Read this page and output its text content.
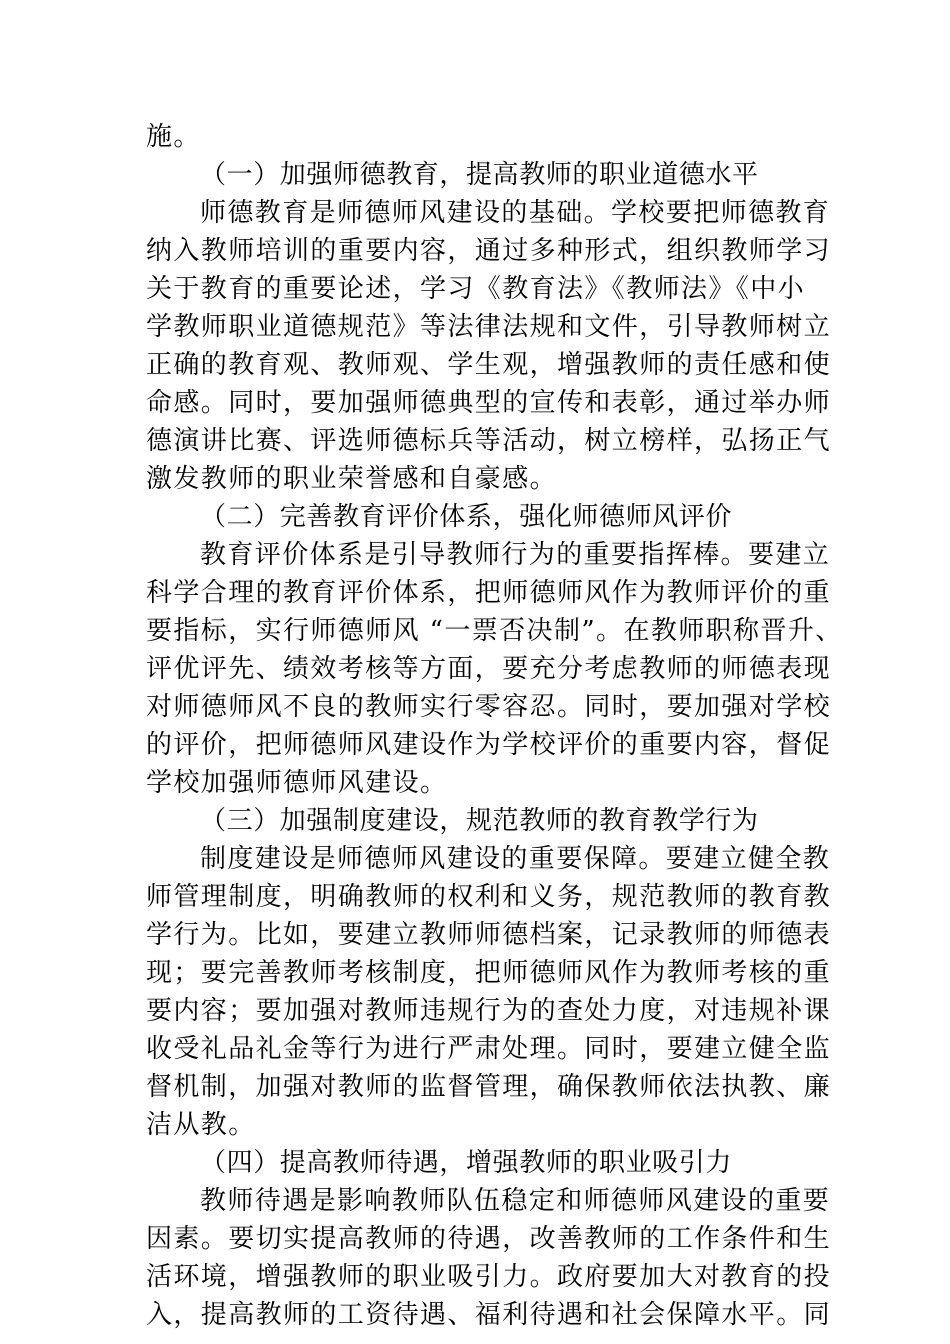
施。
（一）加强师德教育，提高教师的职业道德水平
师德教育是师德师风建设的基础。学校要把师德教育
纳入教师培训的重要内容，通过多种形式，组织教师学习
关于教育的重要论述，学习《教育法》《教师法》《中小
学教师职业道德规范》等法律法规和文件，引导教师树立
正确的教育观、教师观、学生观，增强教师的责任感和使
命感。同时，要加强师德典型的宣传和表彰，通过举办师
德演讲比赛、评选师德标兵等活动，树立榜样，弘扬正气
激发教师的职业荣誉感和自豪感。
（二）完善教育评价体系，强化师德师风评价
教育评价体系是引导教师行为的重要指挥棒。要建立
科学合理的教育评价体系，把师德师风作为教师评价的重
要指标，实行师德师风 “一票否决制”。在教师职称晋升、
评优评先、绩效考核等方面，要充分考虑教师的师德表现
对师德师风不良的教师实行零容忍。同时，要加强对学校
的评价，把师德师风建设作为学校评价的重要内容，督促
学校加强师德师风建设。
（三）加强制度建设，规范教师的教育教学行为
制度建设是师德师风建设的重要保障。要建立健全教
师管理制度，明确教师的权利和义务，规范教师的教育教
学行为。比如，要建立教师师德档案，记录教师的师德表
现；要完善教师考核制度，把师德师风作为教师考核的重
要内容；要加强对教师违规行为的查处力度，对违规补课
收受礼品礼金等行为进行严肃处理。同时，要建立健全监
督机制，加强对教师的监督管理，确保教师依法执教、廉
洁从教。
（四）提高教师待遇，增强教师的职业吸引力
教师待遇是影响教师队伍稳定和师德师风建设的重要
因素。要切实提高教师的待遇，改善教师的工作条件和生
活环境，增强教师的职业吸引力。政府要加大对教育的投
入，提高教师的工资待遇、福利待遇和社会保障水平。同
